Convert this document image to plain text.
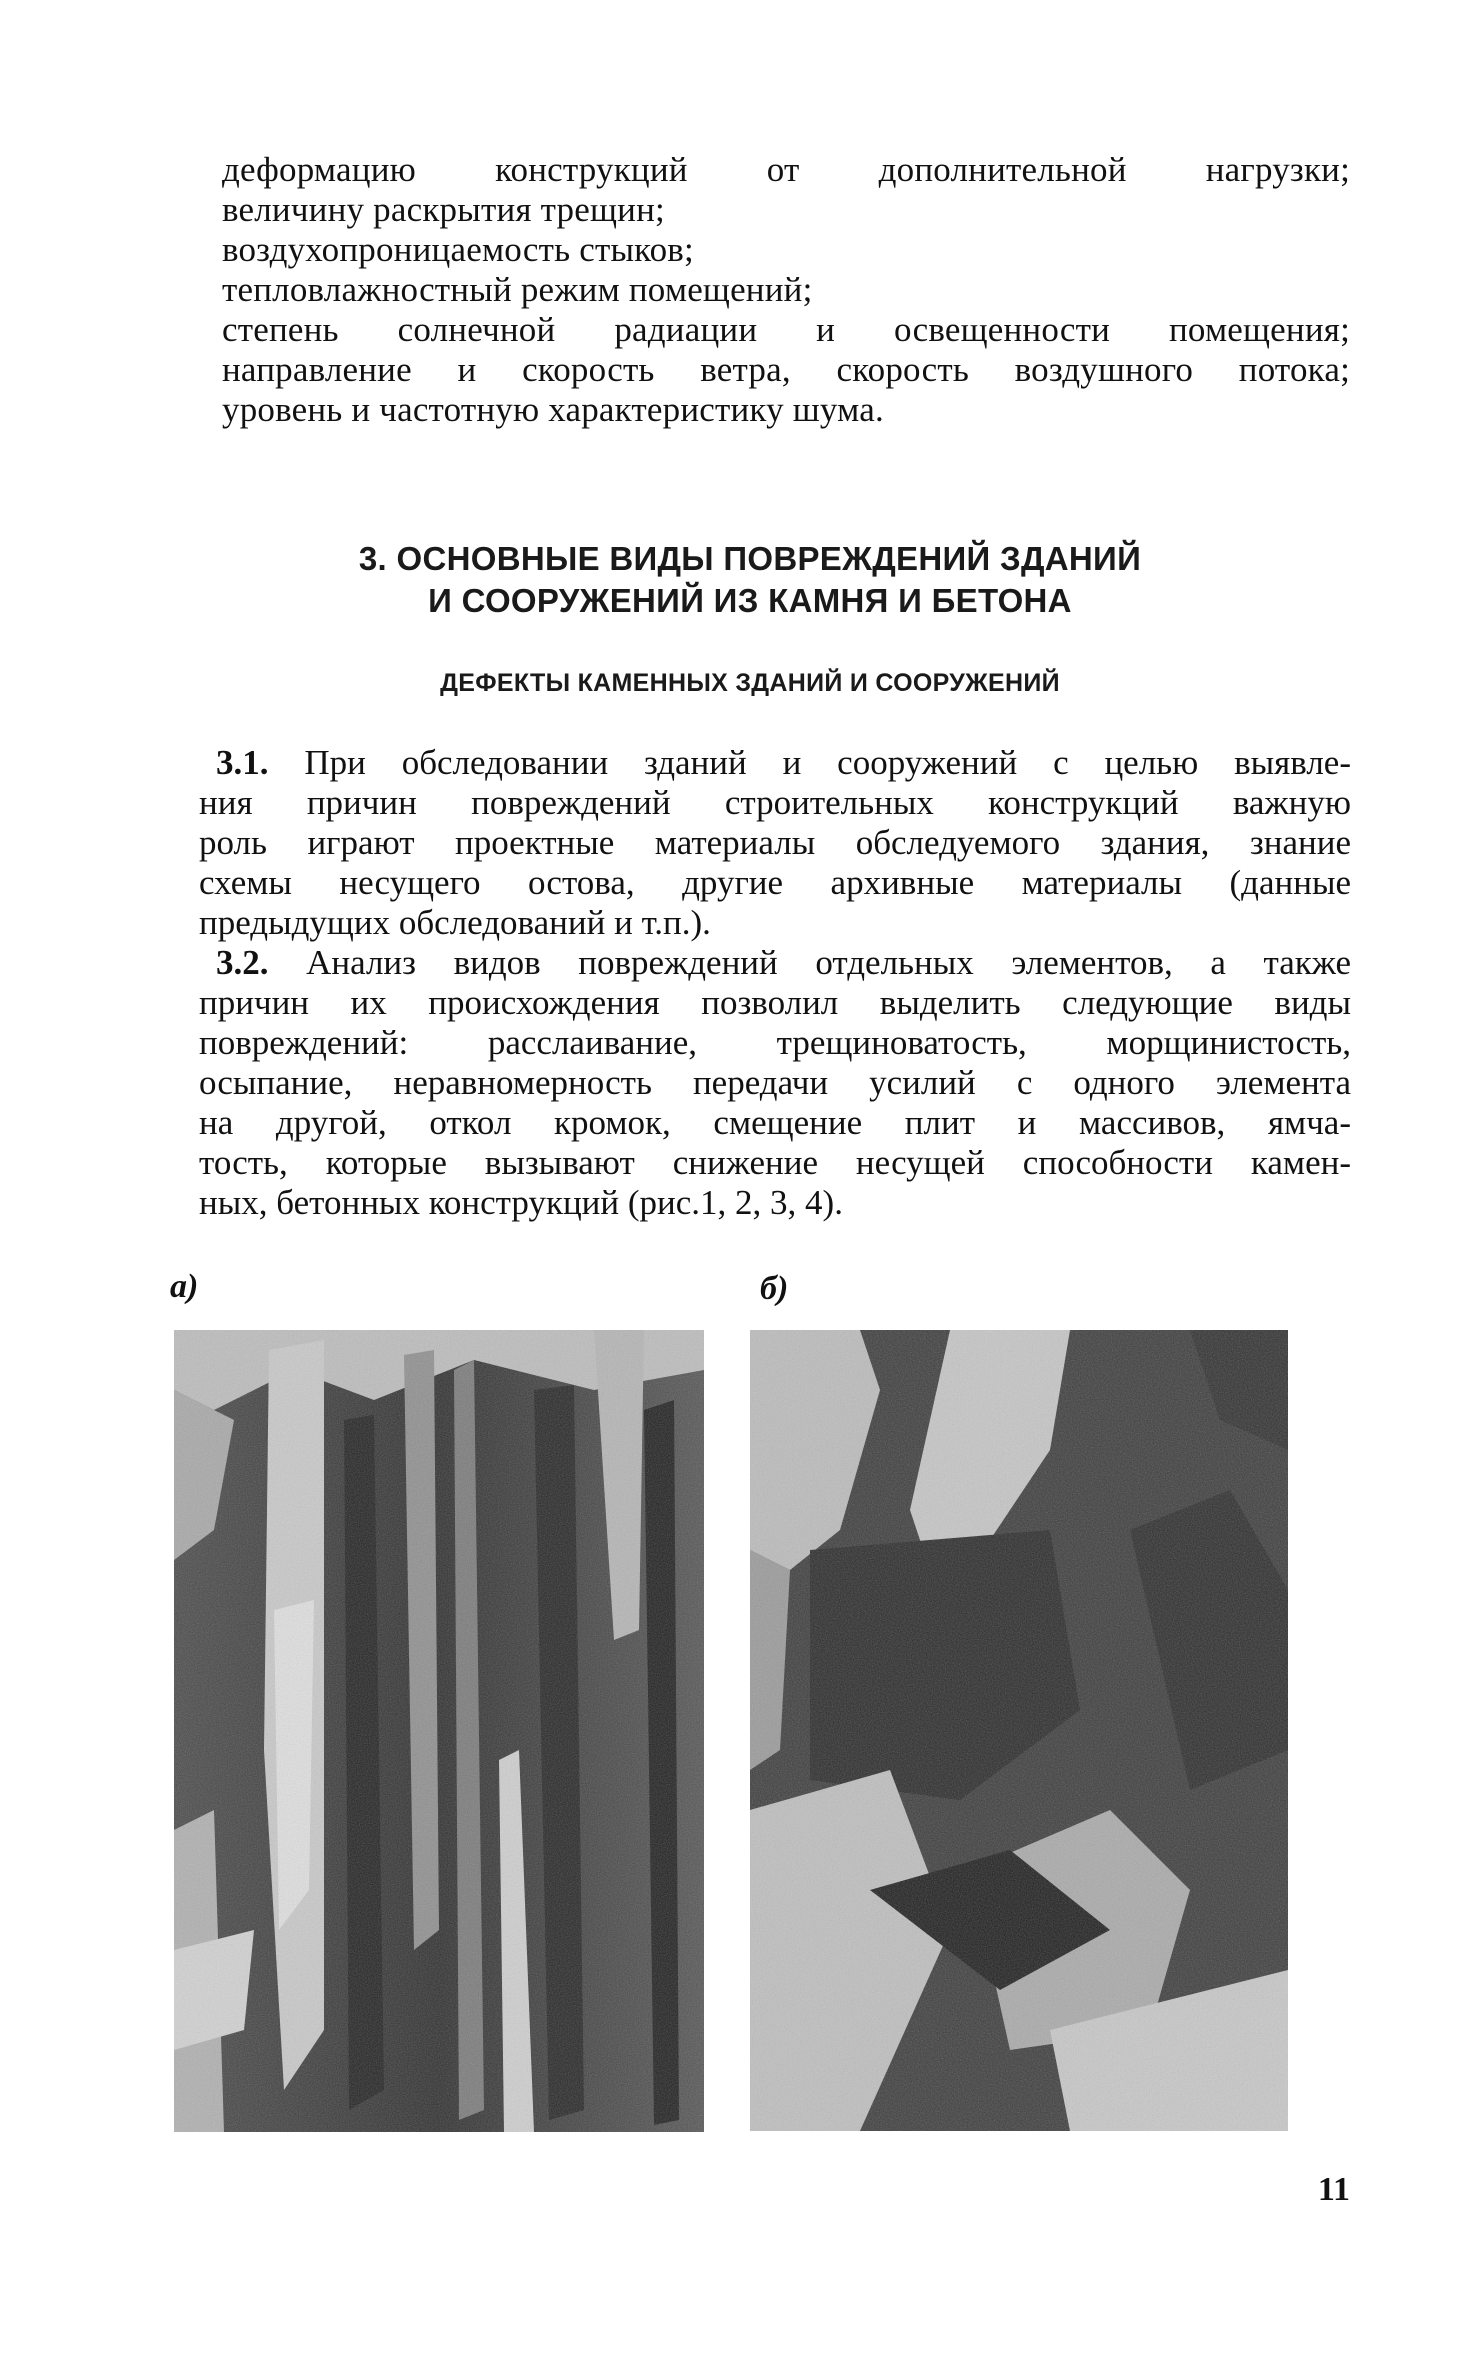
деформацию конструкций от дополнительной нагрузки;
величину раскрытия трещин;
воздухопроницаемость стыков;
тепловлажностный режим помещений;
степень солнечной радиации и освещенности помещения;
направление и скорость ветра, скорость воздушного потока;
уровень и частотную характеристику шума.
3. ОСНОВНЫЕ ВИДЫ ПОВРЕЖДЕНИЙ ЗДАНИЙ
И СООРУЖЕНИЙ ИЗ КАМНЯ И БЕТОНА
ДЕФЕКТЫ КАМЕННЫХ ЗДАНИЙ И СООРУЖЕНИЙ
3.1. При обследовании зданий и сооружений с целью выявле-
ния причин повреждений строительных конструкций важную
роль играют проектные материалы обследуемого здания, знание
схемы несущего остова, другие архивные материалы (данные
предыдущих обследований и т.п.).
3.2. Анализ видов повреждений отдельных элементов, а также
причин их происхождения позволил выделить следующие виды
повреждений: расслаивание, трещиноватость, морщинистость,
осыпание, неравномерность передачи усилий с одного элемента
на другой, откол кромок, смещение плит и массивов, ямча-
тость, которые вызывают снижение несущей способности камен-
ных, бетонных конструкций (рис.1, 2, 3, 4).
а)	б)
11
